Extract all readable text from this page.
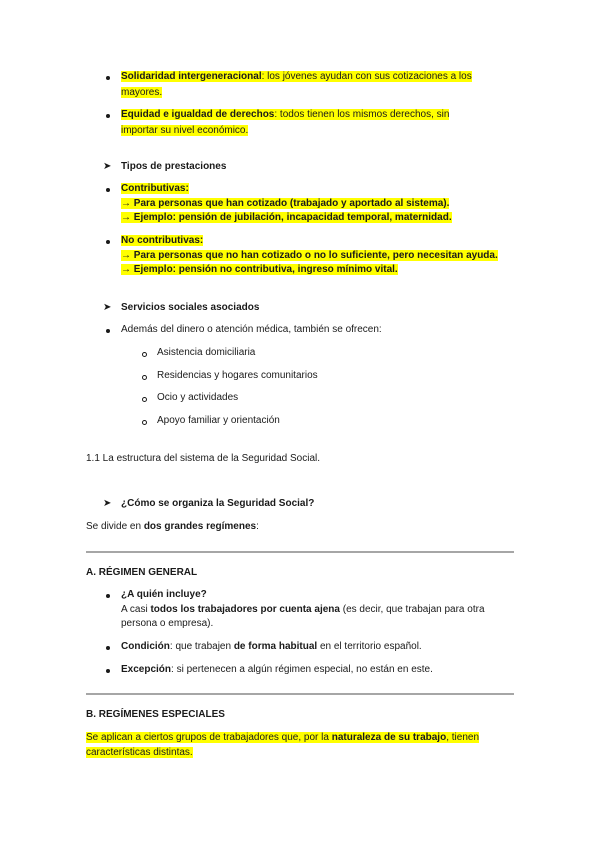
Solidaridad intergeneracional: los jóvenes ayudan con sus cotizaciones a los
mayores.
Equidad e igualdad de derechos: todos tienen los mismos derechos, sin
importar su nivel económico.
➤ Tipos de prestaciones
Contributivas:
→ Para personas que han cotizado (trabajado y aportado al sistema).
→ Ejemplo: pensión de jubilación, incapacidad temporal, maternidad.
No contributivas:
→ Para personas que no han cotizado o no lo suficiente, pero necesitan ayuda.
→ Ejemplo: pensión no contributiva, ingreso mínimo vital.
➤ Servicios sociales asociados
Además del dinero o atención médica, también se ofrecen:
Asistencia domiciliaria
Residencias y hogares comunitarios
Ocio y actividades
Apoyo familiar y orientación
1.1 La estructura del sistema de la Seguridad Social.
➤ ¿Cómo se organiza la Seguridad Social?
Se divide en dos grandes regímenes:
A. RÉGIMEN GENERAL
¿A quién incluye?
A casi todos los trabajadores por cuenta ajena (es decir, que trabajan para otra
persona o empresa).
Condición: que trabajen de forma habitual en el territorio español.
Excepción: si pertenecen a algún régimen especial, no están en este.
B. REGÍMENES ESPECIALES
Se aplican a ciertos grupos de trabajadores que, por la naturaleza de su trabajo, tienen
características distintas.
